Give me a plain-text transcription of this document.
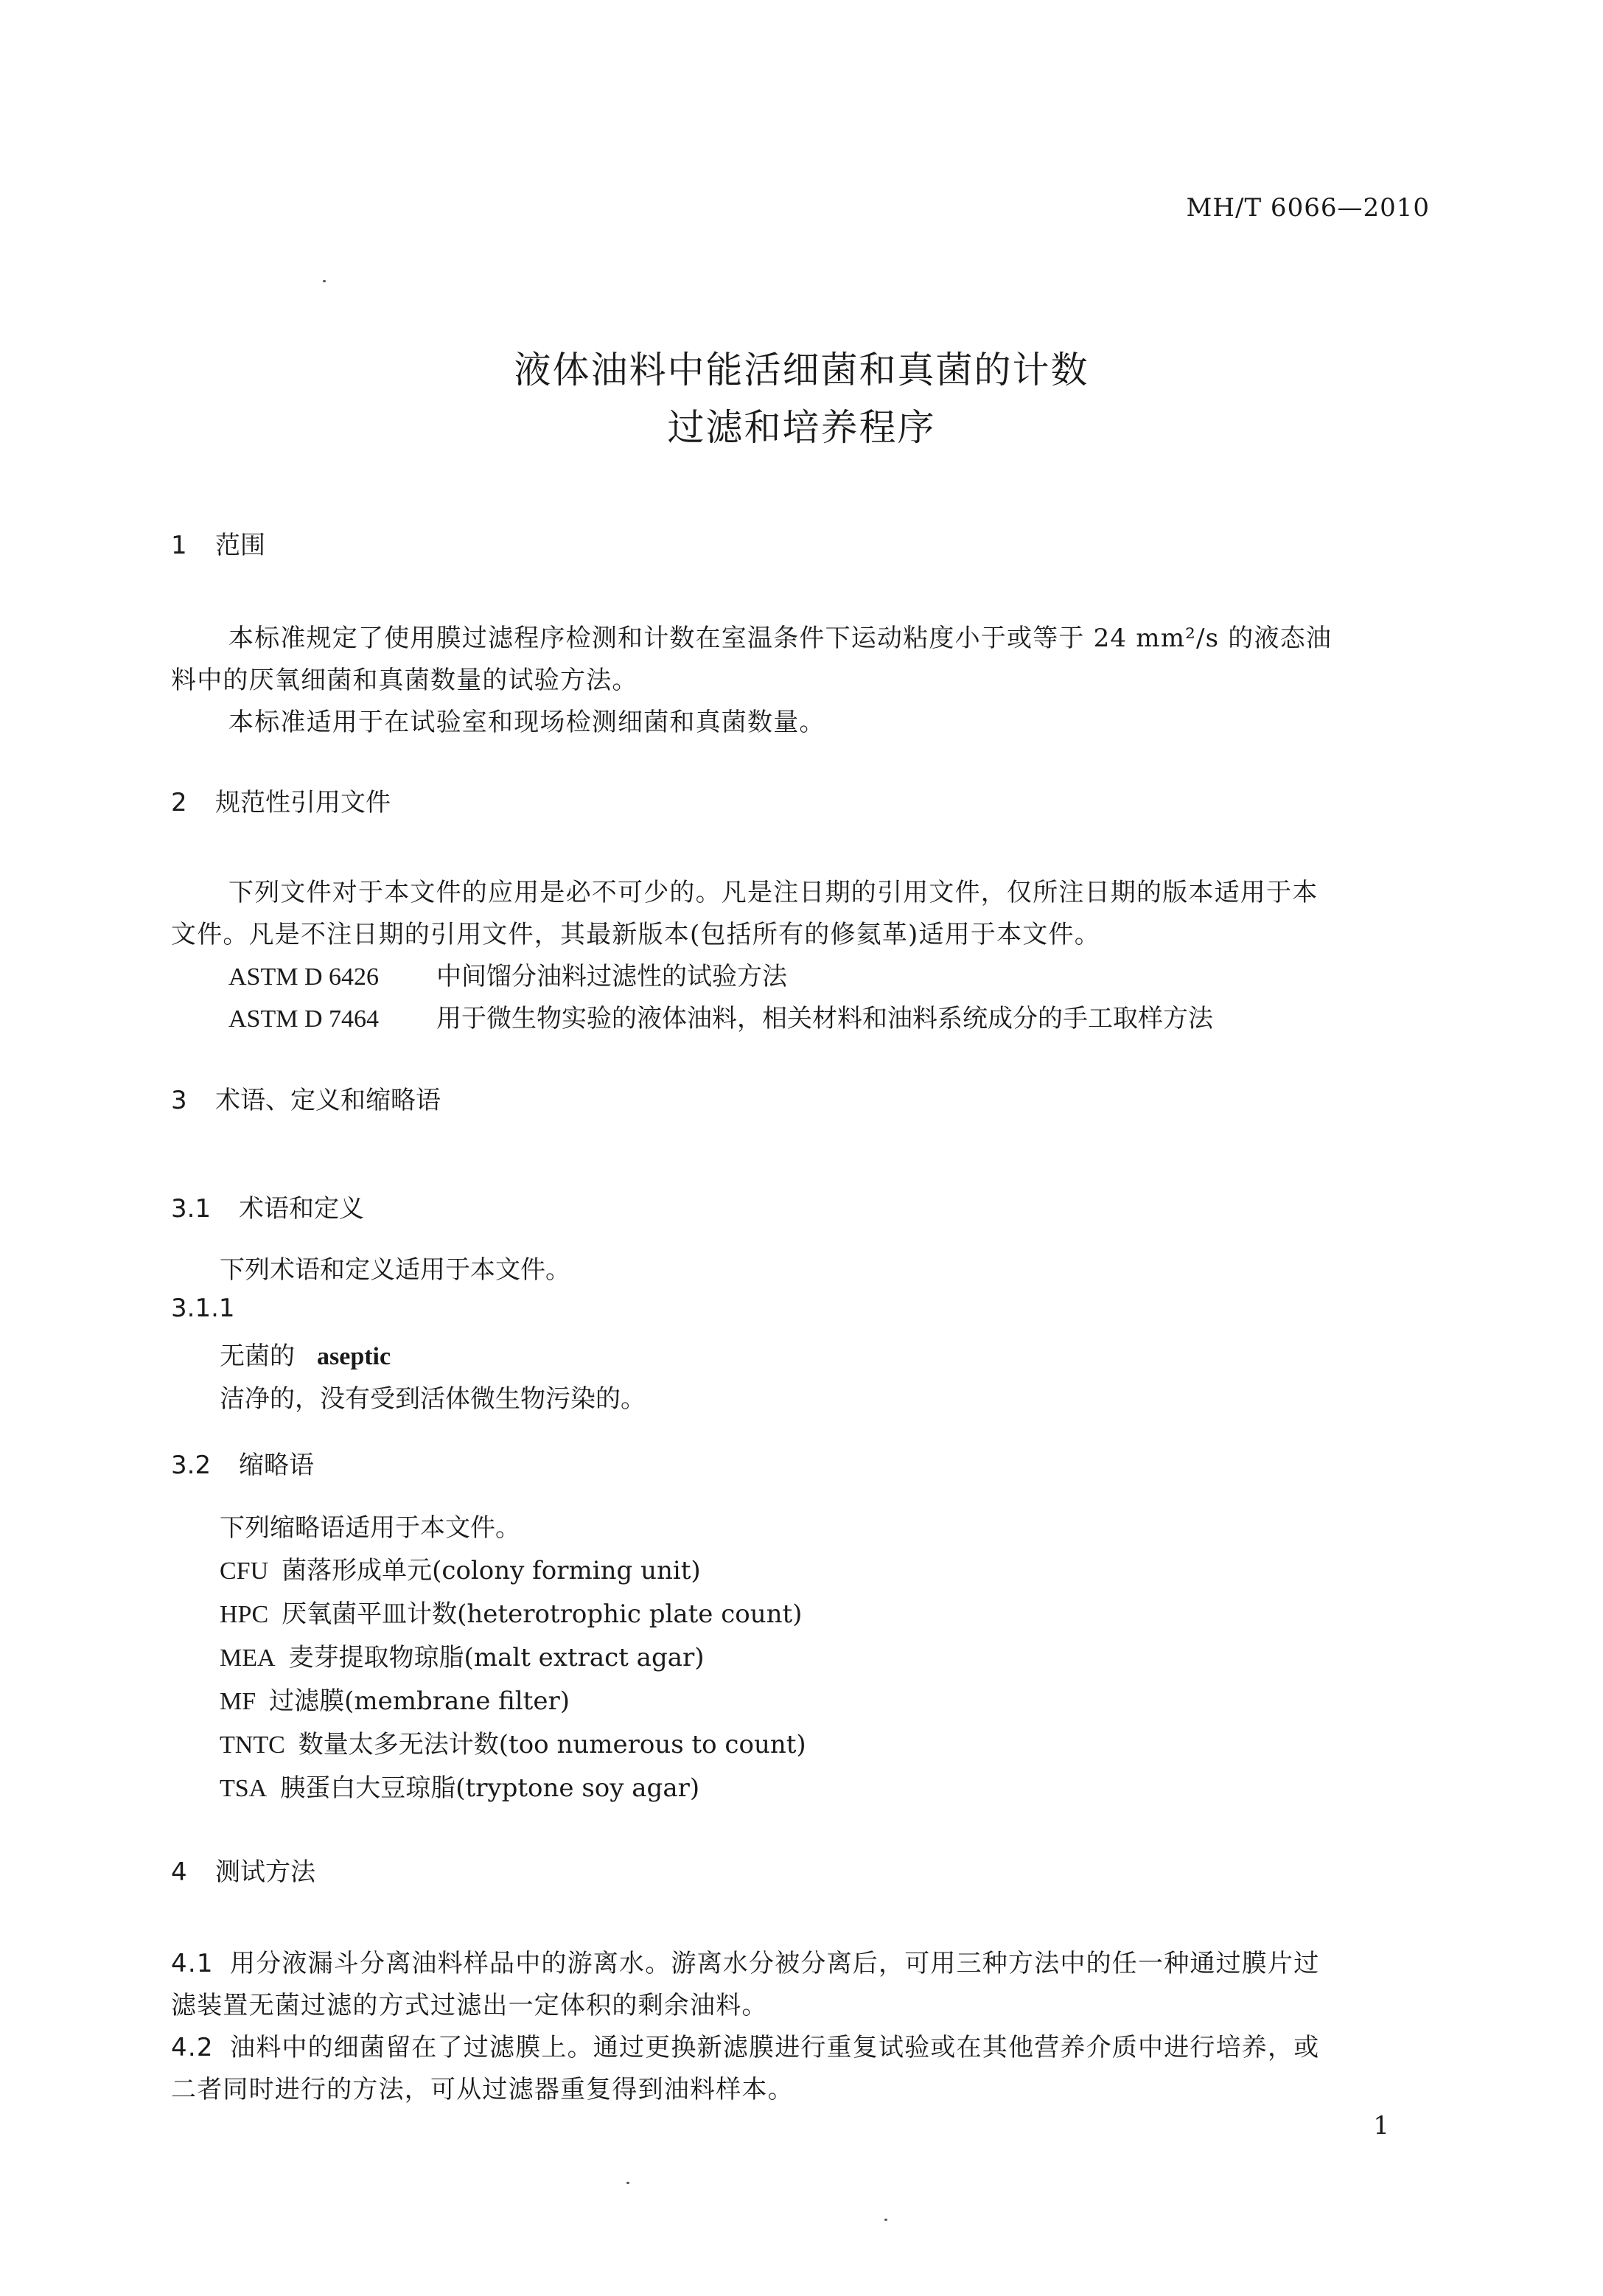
MH/T 6066—2010
液体油料中能活细菌和真菌的计数
过滤和培养程序
1 范围
本标准规定了使用膜过滤程序检测和计数在室温条件下运动粘度小于或等于 24 mm²/s 的液态油
料中的厌氧细菌和真菌数量的试验方法。
本标准适用于在试验室和现场检测细菌和真菌数量。
2 规范性引用文件
下列文件对于本文件的应用是必不可少的。凡是注日期的引用文件，仅所注日期的版本适用于本
文件。凡是不注日期的引用文件，其最新版本(包括所有的修氦革)适用于本文件。
ASTM D 6426 中间馏分油料过滤性的试验方法
ASTM D 7464 用于微生物实验的液体油料，相关材料和油料系统成分的手工取样方法
3 术语、定义和缩略语
3.1 术语和定义
下列术语和定义适用于本文件。
3.1.1
无菌的 aseptic
洁净的，没有受到活体微生物污染的。
3.2 缩略语
下列缩略语适用于本文件。
CFU 菌落形成单元(colony forming unit)
HPC 厌氧菌平皿计数(heterotrophic plate count)
MEA 麦芽提取物琼脂(malt extract agar)
MF 过滤膜(membrane filter)
TNTC 数量太多无法计数(too numerous to count)
TSA 胰蛋白大豆琼脂(tryptone soy agar)
4 测试方法
4.1 用分液漏斗分离油料样品中的游离水。游离水分被分离后，可用三种方法中的任一种通过膜片过
滤装置无菌过滤的方式过滤出一定体积的剩余油料。
4.2 油料中的细菌留在了过滤膜上。通过更换新滤膜进行重复试验或在其他营养介质中进行培养，或
二者同时进行的方法，可从过滤器重复得到油料样本。
1
